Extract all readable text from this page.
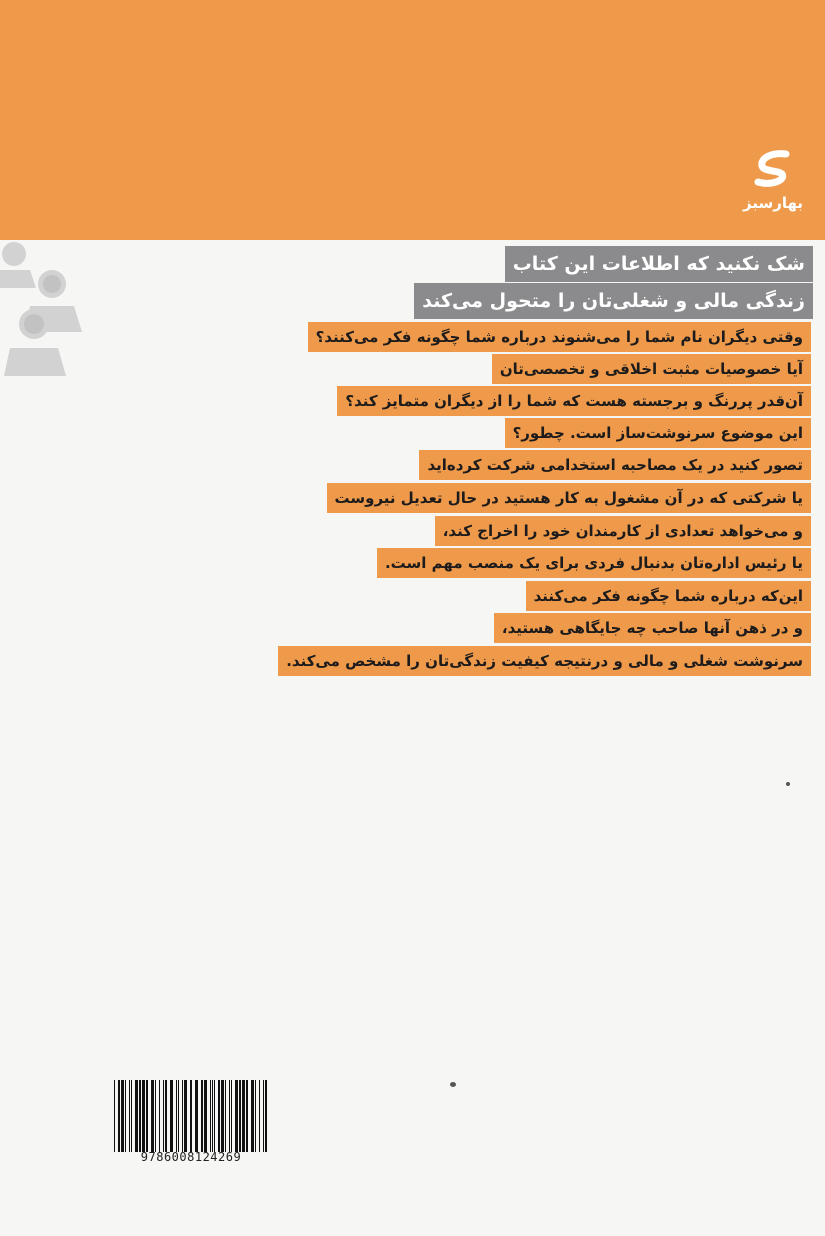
بهارسبز
شک نکنید که اطلاعات این کتاب
زندگی مالی و شغلی‌تان را متحول می‌کند
وقتی دیگران نام شما را می‌شنوند درباره شما چگونه فکر می‌کنند؟
آیا خصوصیات مثبت اخلاقی و تخصصی‌تان
آن‌قدر پررنگ و برجسته هست که شما را از دیگران متمایز کند؟
این موضوع سرنوشت‌ساز است. چطور؟
تصور کنید در یک مصاحبه استخدامی شرکت کرده‌اید
یا شرکتی که در آن مشغول به کار هستید در حال تعدیل نیروست
و می‌خواهد تعدادی از کارمندان خود را اخراج کند،
یا رئیس اداره‌تان بدنبال فردی برای یک منصب مهم است.
این‌که درباره شما چگونه فکر می‌کنند
و در ذهن آنها صاحب چه جایگاهی هستید،
سرنوشت شغلی و مالی و درنتیجه کیفیت زندگی‌تان را مشخص می‌کند.
9786008124269
